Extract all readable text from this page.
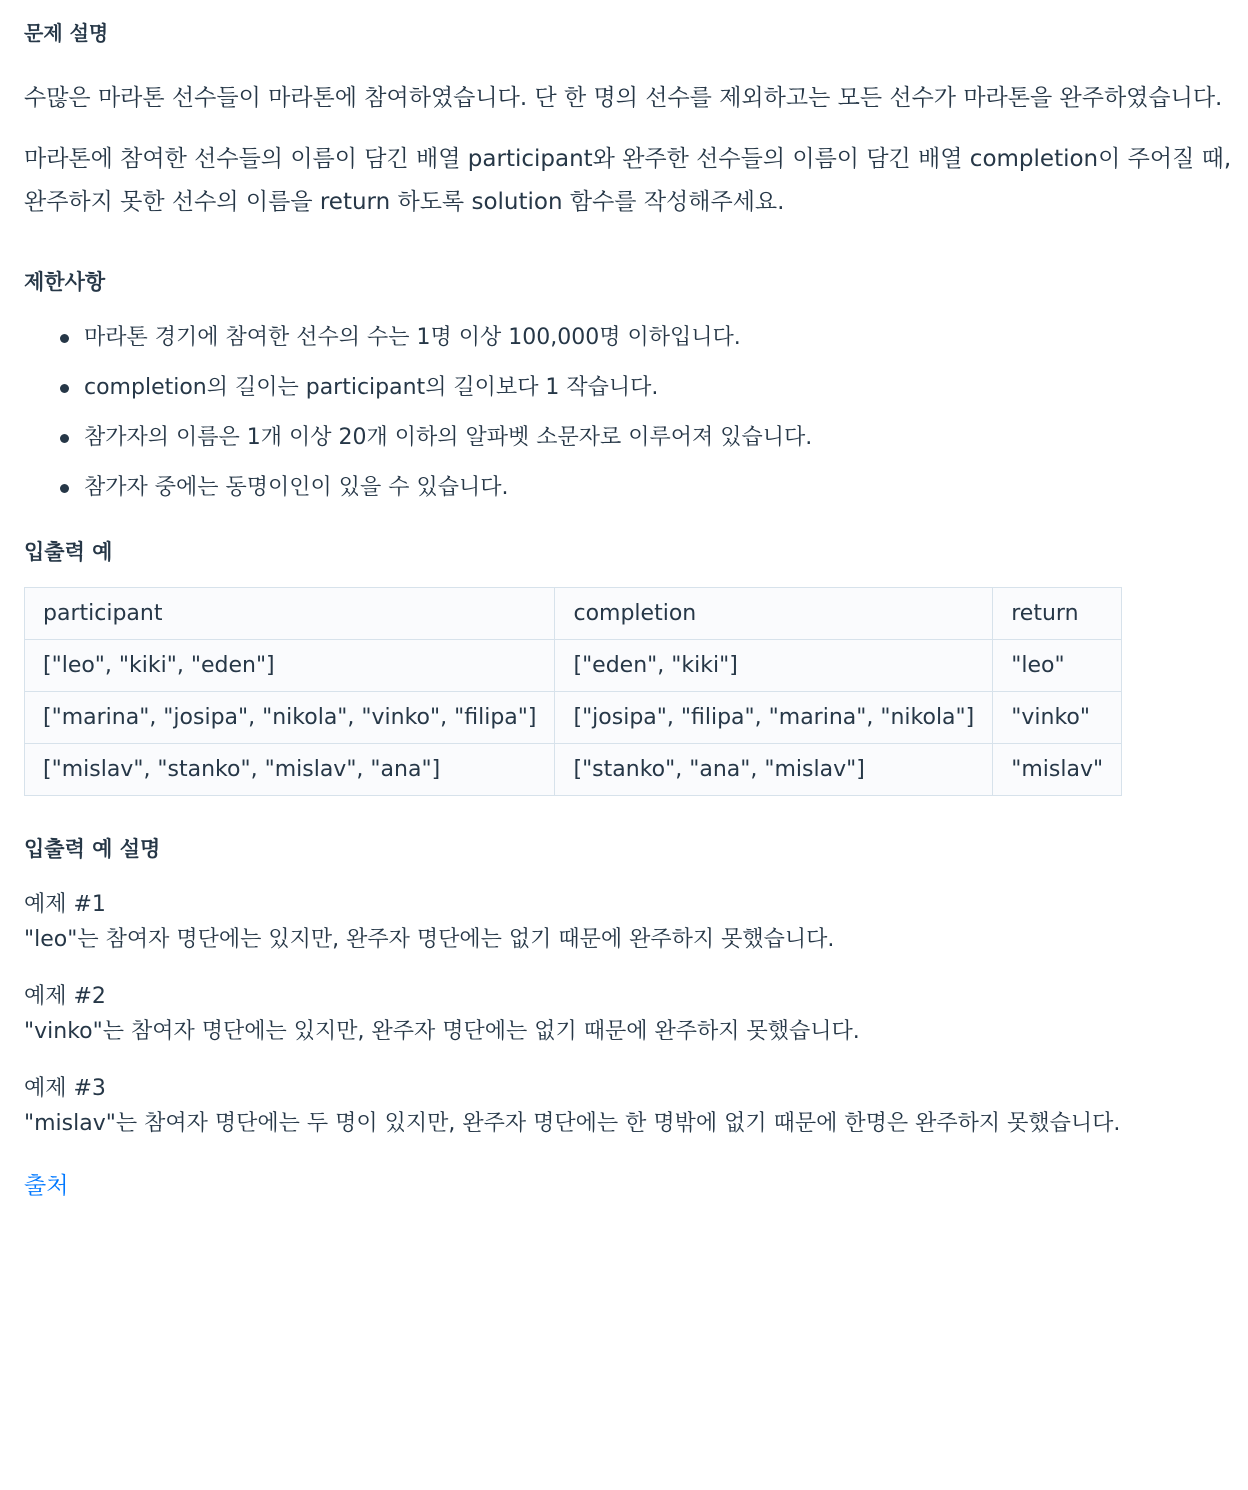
문제 설명

수많은 마라톤 선수들이 마라톤에 참여하였습니다. 단 한 명의 선수를 제외하고는 모든 선수가 마라톤을 완주하였습니다.

마라톤에 참여한 선수들의 이름이 담긴 배열 participant와 완주한 선수들의 이름이 담긴 배열 completion이 주어질 때,

완주하지 못한 선수의 이름을 return 하도록 solution 함수를 작성해주세요.

제한사항
마라톤 경기에 참여한 선수의 수는 1명 이상 100,000명 이하입니다.
completion의 길이는 participant의 길이보다 1 작습니다.
참가자의 이름은 1개 이상 20개 이하의 알파벳 소문자로 이루어져 있습니다.
참가자 중에는 동명이인이 있을 수 있습니다.
입출력 예
participant	completion	return
["leo", "kiki", "eden"]	["eden", "kiki"]	"leo"
["marina", "josipa", "nikola", "vinko", "filipa"]	["josipa", "filipa", "marina", "nikola"]	"vinko"
["mislav", "stanko", "mislav", "ana"]	["stanko", "ana", "mislav"]	"mislav"
입출력 예 설명

예제 #1

"leo"는 참여자 명단에는 있지만, 완주자 명단에는 없기 때문에 완주하지 못했습니다.

예제 #2

"vinko"는 참여자 명단에는 있지만, 완주자 명단에는 없기 때문에 완주하지 못했습니다.

예제 #3

"mislav"는 참여자 명단에는 두 명이 있지만, 완주자 명단에는 한 명밖에 없기 때문에 한명은 완주하지 못했습니다.

출처
